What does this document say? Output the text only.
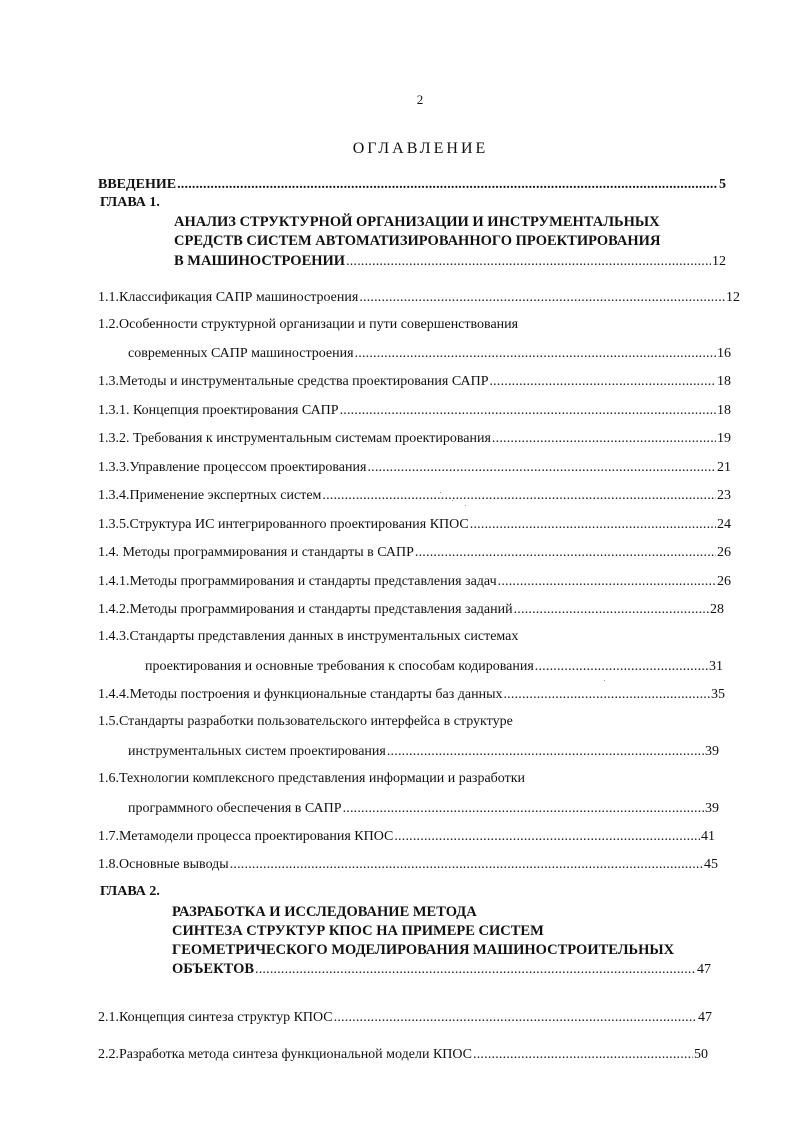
2
ОГЛАВЛЕНИЕ
ВВЕДЕНИЕ .....	5
ГЛАВА 1.
АНАЛИЗ СТРУКТУРНОЙ ОРГАНИЗАЦИИ И ИНСТРУМЕНТАЛЬНЫХ
СРЕДСТВ СИСТЕМ АВТОМАТИЗИРОВАННОГО ПРОЕКТИРОВАНИЯ
В МАШИНОСТРОЕНИИ .....	12
1.1.Классификация САПР машиностроения .....	12
1.2.Особенности структурной организации и пути совершенствования
современных САПР машиностроения .....	16
1.3.Методы и инструментальные средства проектирования САПР .....	18
1.3.1. Концепция проектирования САПР .....	18
1.3.2. Требования к инструментальным системам проектирования .....	19
1.3.3.Управление процессом проектирования .....	21
1.3.4.Применение экспертных систем .....	23
1.3.5.Структура ИС интегрированного проектирования КПОС .....	24
1.4. Методы программирования и стандарты в САПР .....	26
1.4.1.Методы программирования и стандарты представления задач .....	26
1.4.2.Методы программирования и стандарты представления заданий .....	28
1.4.3.Стандарты представления данных в инструментальных системах
проектирования и основные требования к способам кодирования .....	31
1.4.4.Методы построения и функциональные стандарты баз данных .....	35
1.5.Стандарты разработки пользовательского интерфейса в структуре
инструментальных систем проектирования .....	39
1.6.Технологии комплексного представления информации и разработки
программного обеспечения в САПР .....	39
1.7.Метамодели процесса проектирования КПОС .....	41
1.8.Основные выводы .....	45
ГЛАВА 2.
РАЗРАБОТКА И ИССЛЕДОВАНИЕ МЕТОДА
СИНТЕЗА СТРУКТУР КПОС НА ПРИМЕРЕ СИСТЕМ
ГЕОМЕТРИЧЕСКОГО МОДЕЛИРОВАНИЯ МАШИНОСТРОИТЕЛЬНЫХ
ОБЪЕКТОВ .....	47
2.1.Концепция синтеза структур КПОС .....	47
2.2.Разработка метода синтеза функциональной модели КПОС .....	50
